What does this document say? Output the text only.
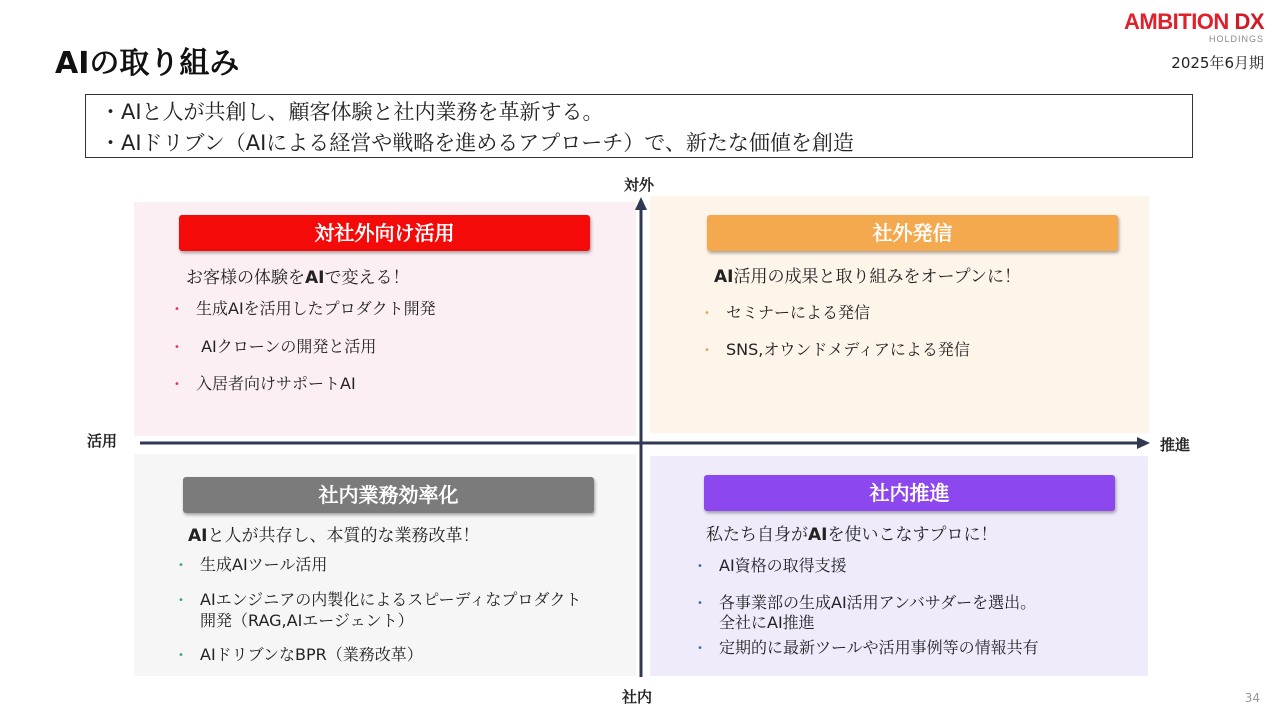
AIの取り組み
AMBITION DX
HOLDINGS
2025年6月期
・AIと人が共創し、顧客体験と社内業務を革新する。
・AIドリブン（AIによる経営や戦略を進めるアプローチ）で、新たな価値を創造
対外
社内
活用	推進
対社外向け活用
お客様の体験をAIで変える！
• 生成AIを活用したプロダクト開発
• AIクローンの開発と活用
• 入居者向けサポートAI
社外発信
AI活用の成果と取り組みをオープンに！
• セミナーによる発信
• SNS,オウンドメディアによる発信
社内業務効率化
AIと人が共存し、本質的な業務改革！
• 生成AIツール活用
• AIエンジニアの内製化によるスピーディなプロダクト
開発（RAG,AIエージェント）
• AIドリブンなBPR（業務改革）
社内推進
私たち自身がAIを使いこなすプロに！
• AI資格の取得支援
• 各事業部の生成AI活用アンバサダーを選出。
全社にAI推進
• 定期的に最新ツールや活用事例等の情報共有
34
